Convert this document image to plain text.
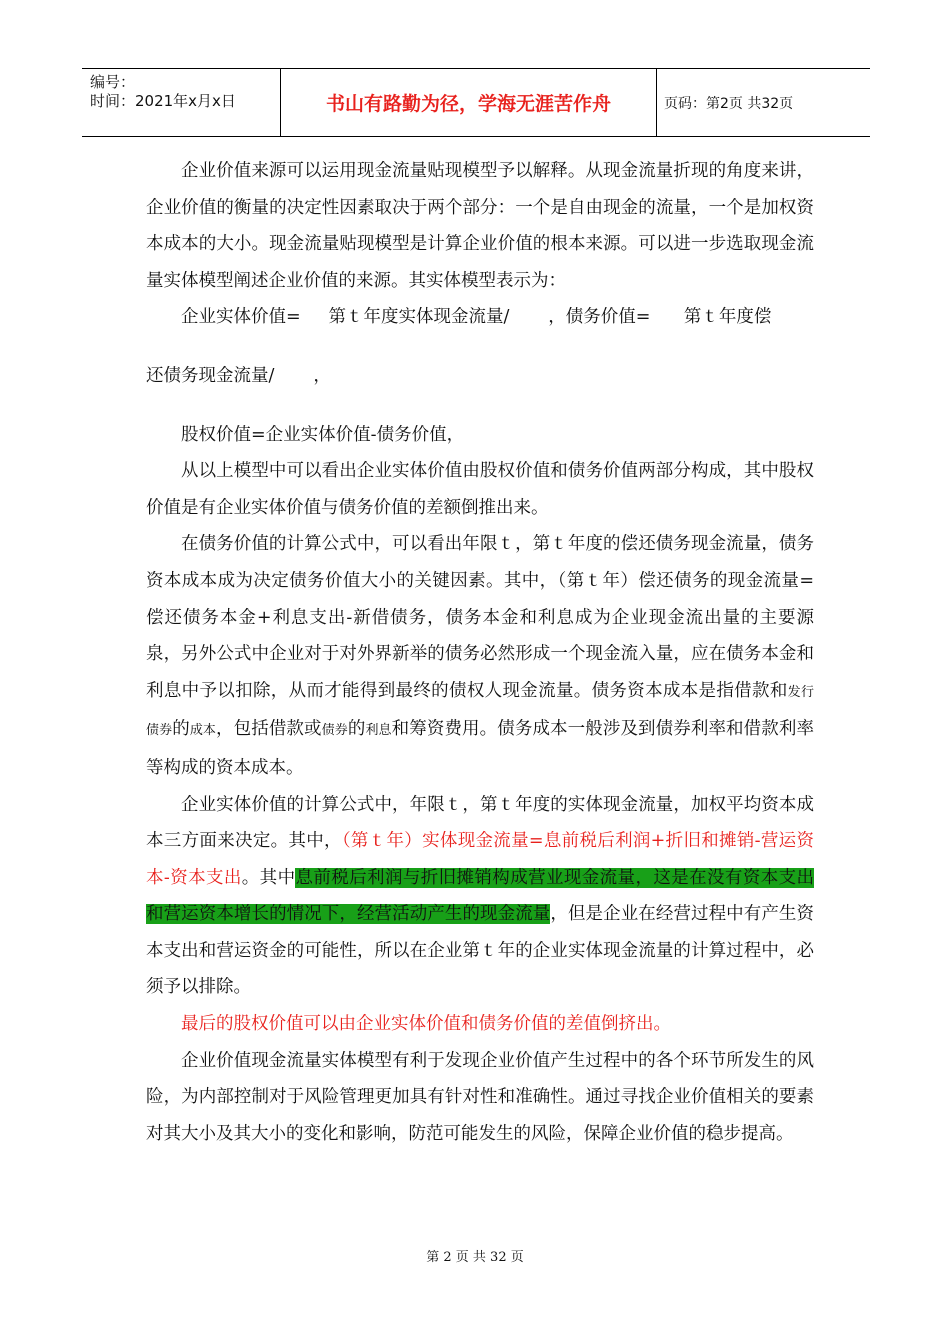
编号：
时间：2021年x月x日	书山有路勤为径，学海无涯苦作舟	页码：第2页 共32页

企业价值来源可以运用现金流量贴现模型予以解释。从现金流量折现的角度来讲，企业价值的衡量的决定性因素取决于两个部分：一个是自由现金的流量，一个是加权资本成本的大小。现金流量贴现模型是计算企业价值的根本来源。可以进一步选取现金流量实体模型阐述企业价值的来源。其实体模型表示为：

企业实体价值=     第ｔ年度实体现金流量/       ，债务价值=      第ｔ年度偿

还债务现金流量/       ，

股权价值=企业实体价值-债务价值，

从以上模型中可以看出企业实体价值由股权价值和债务价值两部分构成，其中股权价值是有企业实体价值与债务价值的差额倒推出来。

在债务价值的计算公式中，可以看出年限ｔ，第ｔ年度的偿还债务现金流量，债务资本成本成为决定债务价值大小的关键因素。其中，（第ｔ年）偿还债务的现金流量=偿还债务本金+利息支出-新借债务，债务本金和利息成为企业现金流出量的主要源泉，另外公式中企业对于对外界新举的债务必然形成一个现金流入量，应在债务本金和利息中予以扣除，从而才能得到最终的债权人现金流量。债务资本成本是指借款和发行债券的成本，包括借款或债券的利息和筹资费用。债务成本一般涉及到债券利率和借款利率等构成的资本成本。

企业实体价值的计算公式中，年限ｔ，第ｔ年度的实体现金流量，加权平均资本成本三方面来决定。其中，（第ｔ年）实体现金流量=息前税后利润+折旧和摊销-营运资本-资本支出。其中息前税后利润与折旧摊销构成营业现金流量，这是在没有资本支出和营运资本增长的情况下，经营活动产生的现金流量，但是企业在经营过程中有产生资本支出和营运资金的可能性，所以在企业第ｔ年的企业实体现金流量的计算过程中，必须予以排除。

最后的股权价值可以由企业实体价值和债务价值的差值倒挤出。

企业价值现金流量实体模型有利于发现企业价值产生过程中的各个环节所发生的风险，为内部控制对于风险管理更加具有针对性和准确性。通过寻找企业价值相关的要素对其大小及其大小的变化和影响，防范可能发生的风险，保障企业价值的稳步提高。

第 2 页 共 32 页
